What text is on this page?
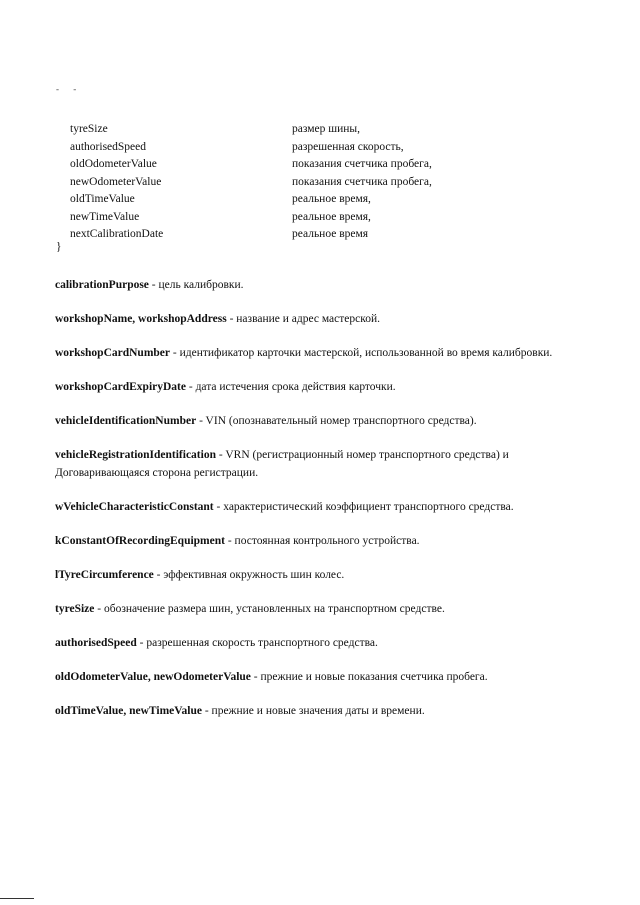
- -
tyreSize	размер шины,
authorisedSpeed	разрешенная скорость,
oldOdometerValue	показания счетчика пробега,
newOdometerValue	показания счетчика пробега,
oldTimeValue	реальное время,
newTimeValue	реальное время,
nextCalibrationDate	реальное время
}

calibrationPurpose - цель калибровки.

workshopName, workshopAddress - название и адрес мастерской.

workshopCardNumber - идентификатор карточки мастерской, использованной во время калибровки.

workshopCardExpiryDate - дата истечения срока действия карточки.

vehicleIdentificationNumber - VIN (опознавательный номер транспортного средства).

vehicleRegistrationIdentification - VRN (регистрационный номер транспортного средства) и Договаривающаяся сторона регистрации.

wVehicleCharacteristicConstant - характеристический коэффициент транспортного средства.

kConstantOfRecordingEquipment - постоянная контрольного устройства.

lTyreCircumference - эффективная окружность шин колес.

tyreSize - обозначение размера шин, установленных на транспортном средстве.

authorisedSpeed - разрешенная скорость транспортного средства.

oldOdometerValue, newOdometerValue - прежние и новые показания счетчика пробега.

oldTimeValue, newTimeValue - прежние и новые значения даты и времени.
